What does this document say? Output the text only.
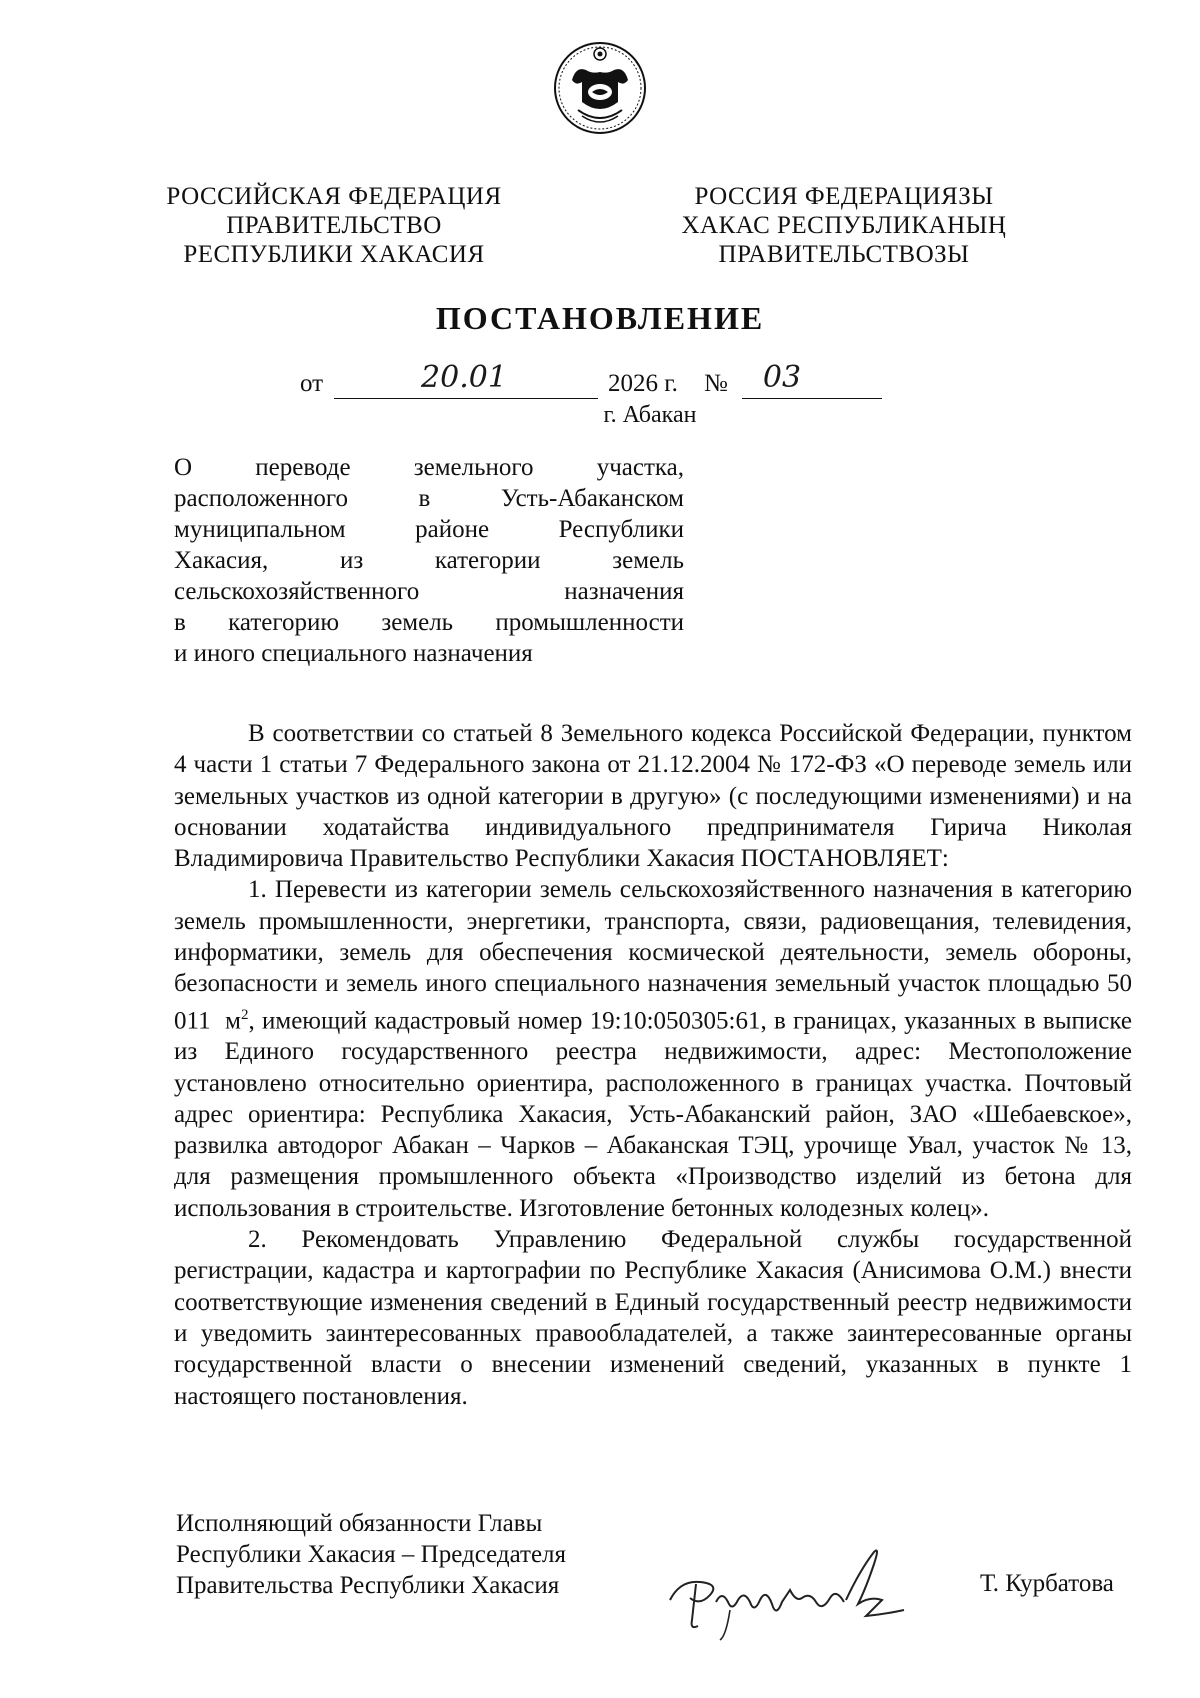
РОССИЙСКАЯ ФЕДЕРАЦИЯ
ПРАВИТЕЛЬСТВО
РЕСПУБЛИКИ ХАКАСИЯ
РОССИЯ ФЕДЕРАЦИЯЗЫ
ХАКАС РЕСПУБЛИКАНЫҢ
ПРАВИТЕЛЬСТВОЗЫ
ПОСТАНОВЛЕНИЕ
от	20.01	2026 г. №	03
г. Абакан
О переводе земельного участка,
расположенного в Усть-Абаканском
муниципальном районе Республики
Хакасия, из категории земель
сельскохозяйственного назначения
в категорию земель промышленности
и иного специального назначения

В соответствии со статьей 8 Земельного кодекса Российской Федерации, пунктом 4 части 1 статьи 7 Федерального закона от 21.12.2004 № 172-ФЗ «О переводе земель или земельных участков из одной категории в другую» (с последующими изменениями) и на основании ходатайства индивидуального предпринимателя Гирича Николая Владимировича Правительство Республики Хакасия ПОСТАНОВЛЯЕТ:

1. Перевести из категории земель сельскохозяйственного назначения в категорию земель промышленности, энергетики, транспорта, связи, радиовещания, телевидения, информатики, земель для обеспечения космической деятельности, земель обороны, безопасности и земель иного специального назначения земельный участок площадью 50 011 $м^2$, имеющий кадастровый номер 19:10:050305:61, в границах, указанных в выписке из Единого государственного реестра недвижимости, адрес: Местоположение установлено относительно ориентира, расположенного в границах участка. Почтовый адрес ориентира: Республика Хакасия, Усть-Абаканский район, ЗАО «Шебаевское», развилка автодорог Абакан – Чарков – Абаканская ТЭЦ, урочище Увал, участок № 13, для размещения промышленного объекта «Производство изделий из бетона для использования в строительстве. Изготовление бетонных колодезных колец».

2. Рекомендовать Управлению Федеральной службы государственной регистрации, кадастра и картографии по Республике Хакасия (Анисимова О.М.) внести соответствующие изменения сведений в Единый государственный реестр недвижимости и уведомить заинтересованных правообладателей, а также заинтересованные органы государственной власти о внесении изменений сведений, указанных в пункте 1 настоящего постановления.

Исполняющий обязанности Главы
Республики Хакасия – Председателя
Правительства Республики Хакасия	Т. Курбатова
